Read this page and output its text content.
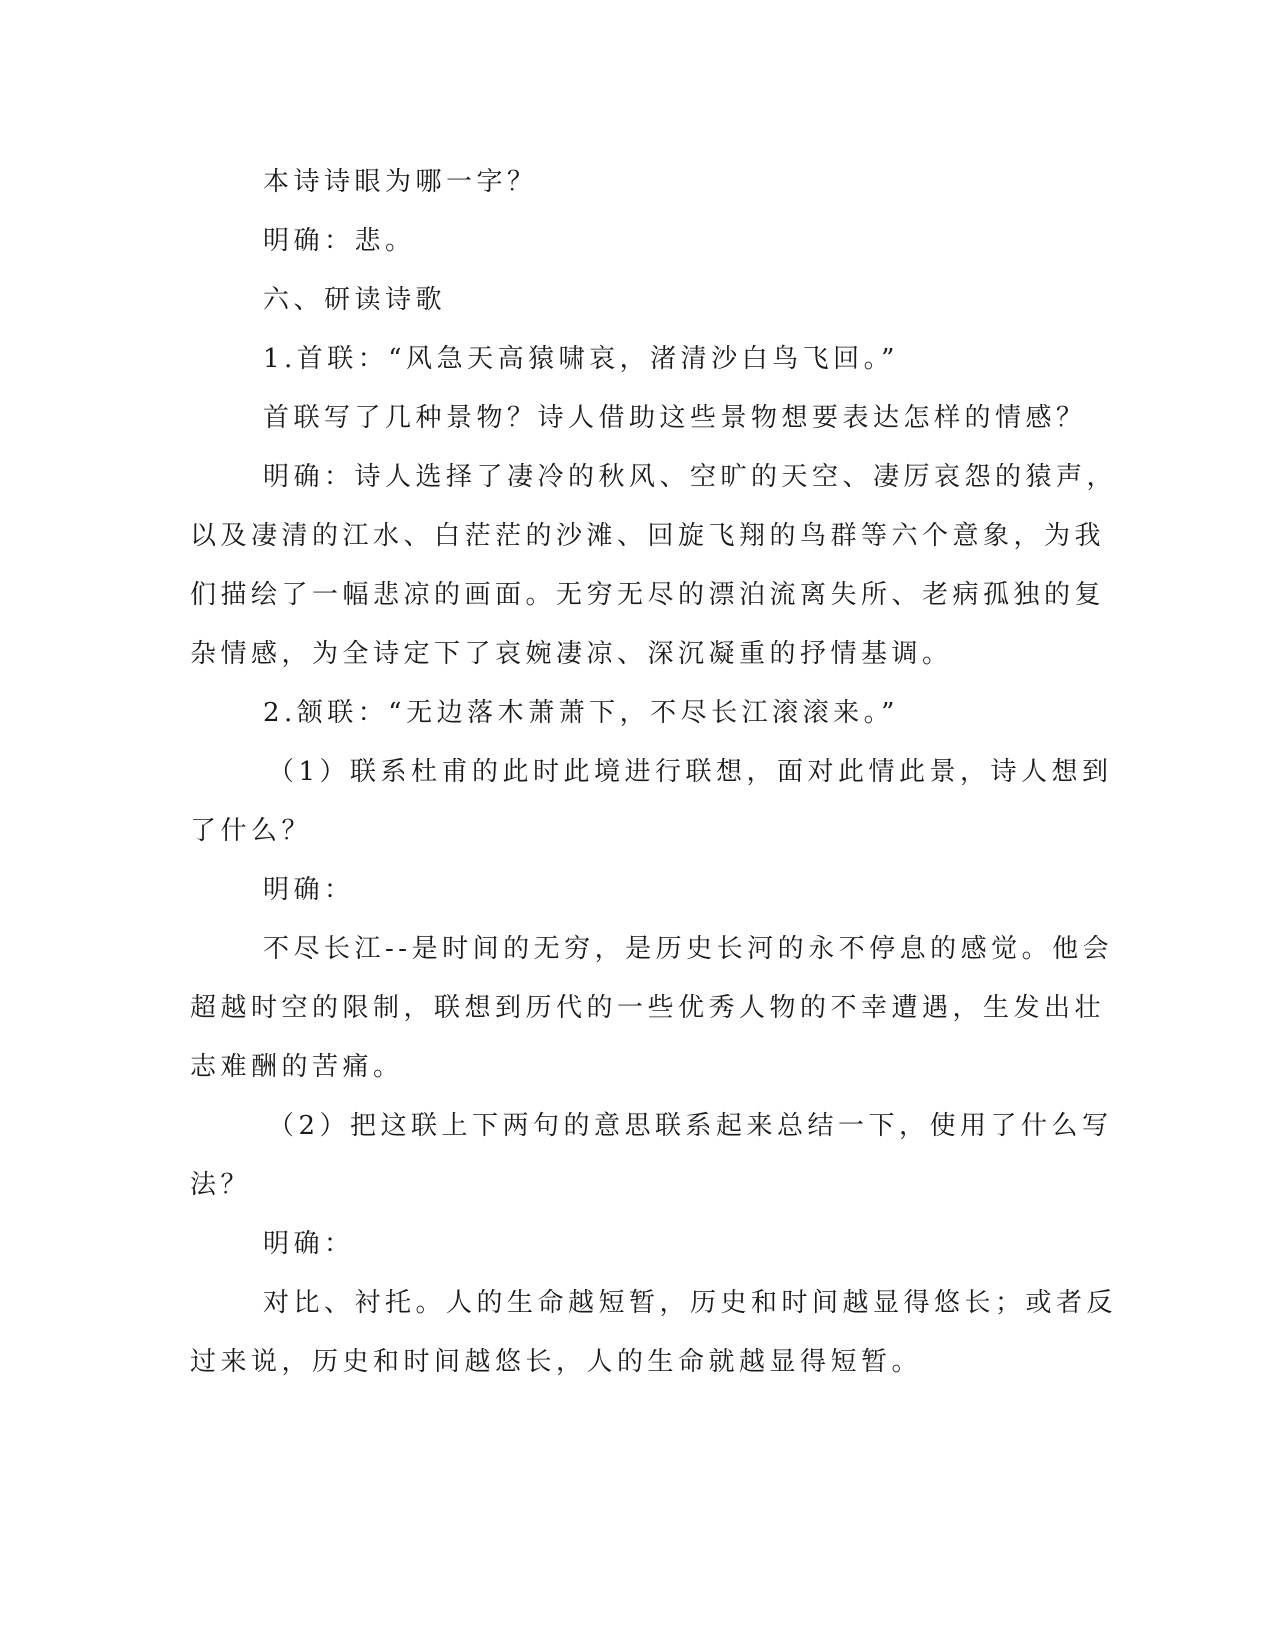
本诗诗眼为哪一字？
明确：悲。
六、研读诗歌
1.首联：“风急天高猿啸哀，渚清沙白鸟飞回。”
首联写了几种景物？诗人借助这些景物想要表达怎样的情感？
明确：诗人选择了凄冷的秋风、空旷的天空、凄厉哀怨的猿声，
以及凄清的江水、白茫茫的沙滩、回旋飞翔的鸟群等六个意象，为我
们描绘了一幅悲凉的画面。无穷无尽的漂泊流离失所、老病孤独的复
杂情感，为全诗定下了哀婉凄凉、深沉凝重的抒情基调。
2.颔联：“无边落木萧萧下，不尽长江滚滚来。”
（1）联系杜甫的此时此境进行联想，面对此情此景，诗人想到
了什么？
明确：
不尽长江--是时间的无穷，是历史长河的永不停息的感觉。他会
超越时空的限制，联想到历代的一些优秀人物的不幸遭遇，生发出壮
志难酬的苦痛。
（2）把这联上下两句的意思联系起来总结一下，使用了什么写
法？
明确：
对比、衬托。人的生命越短暂，历史和时间越显得悠长；或者反
过来说，历史和时间越悠长，人的生命就越显得短暂。
